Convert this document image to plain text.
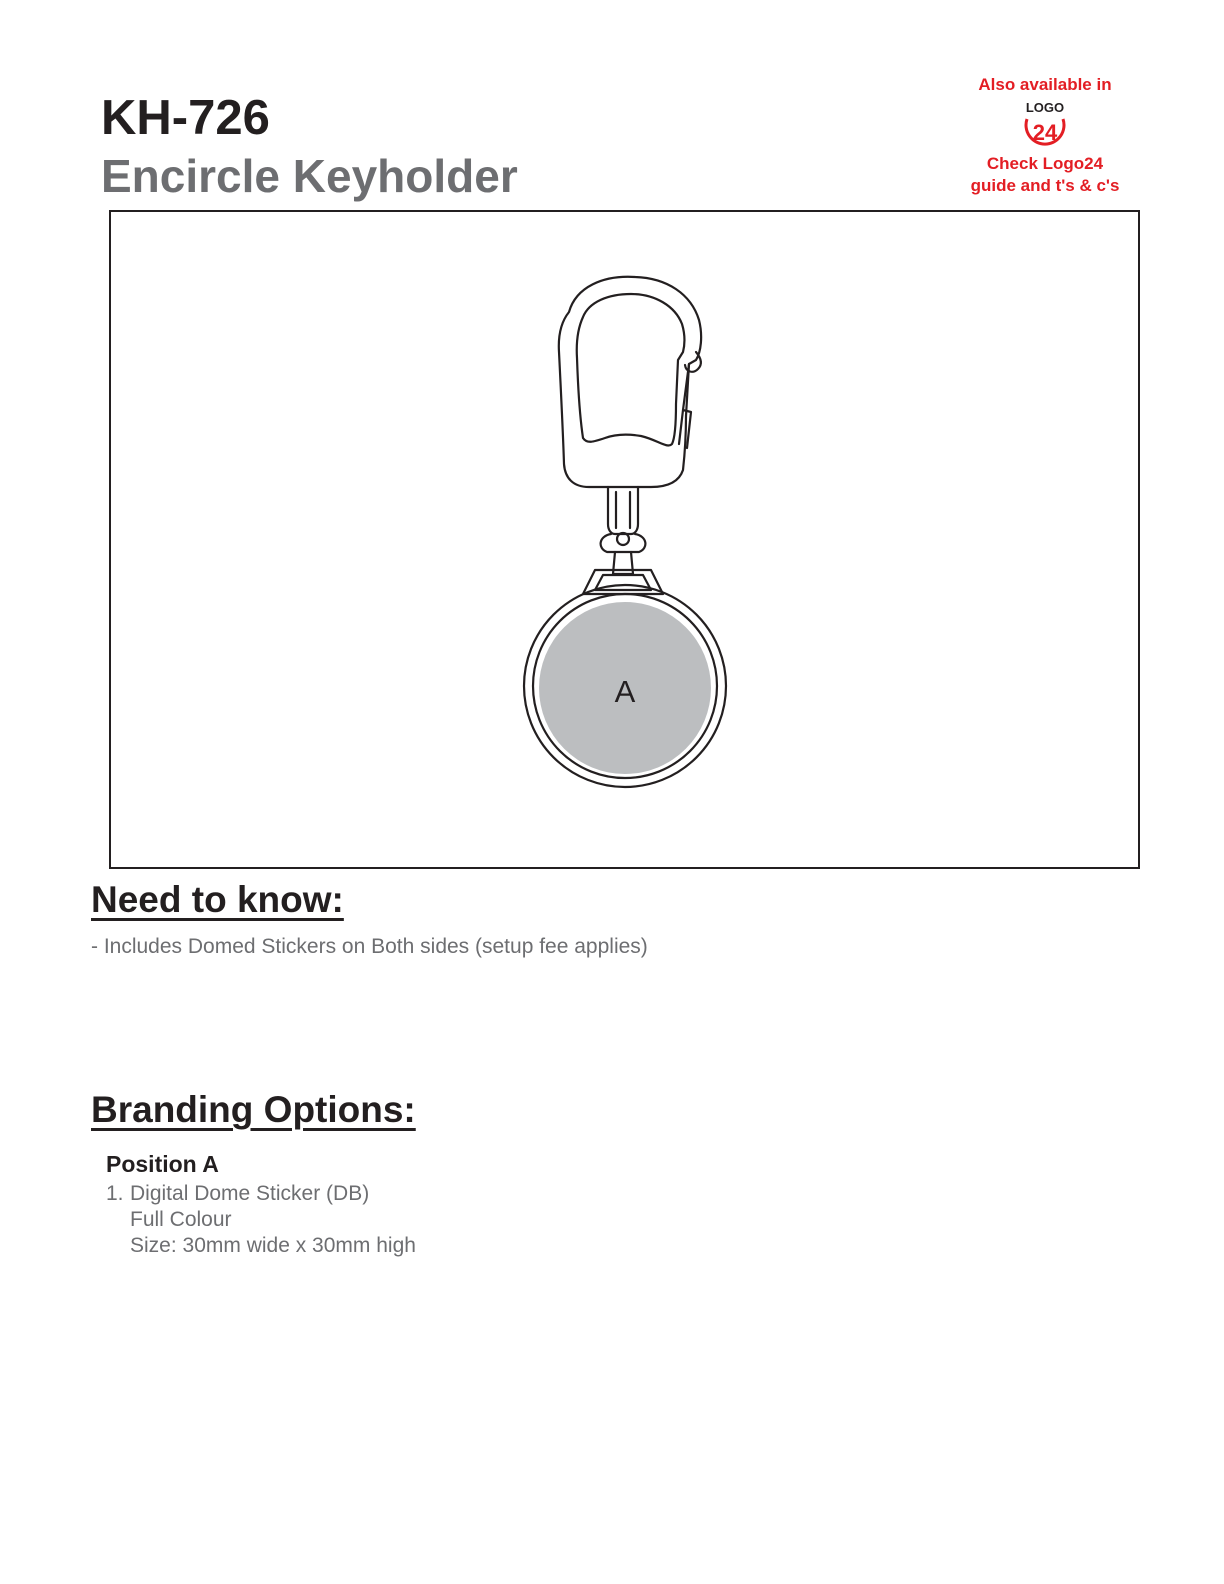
KH-726
Encircle Keyholder
Also available in
LOGO
24
Check Logo24
guide and t's & c's
A
Need to know:

- Includes Domed Stickers on Both sides (setup fee applies)

Branding Options:

Position A

1. Digital Dome Sticker (DB)
Full Colour
Size: 30mm wide x 30mm high
